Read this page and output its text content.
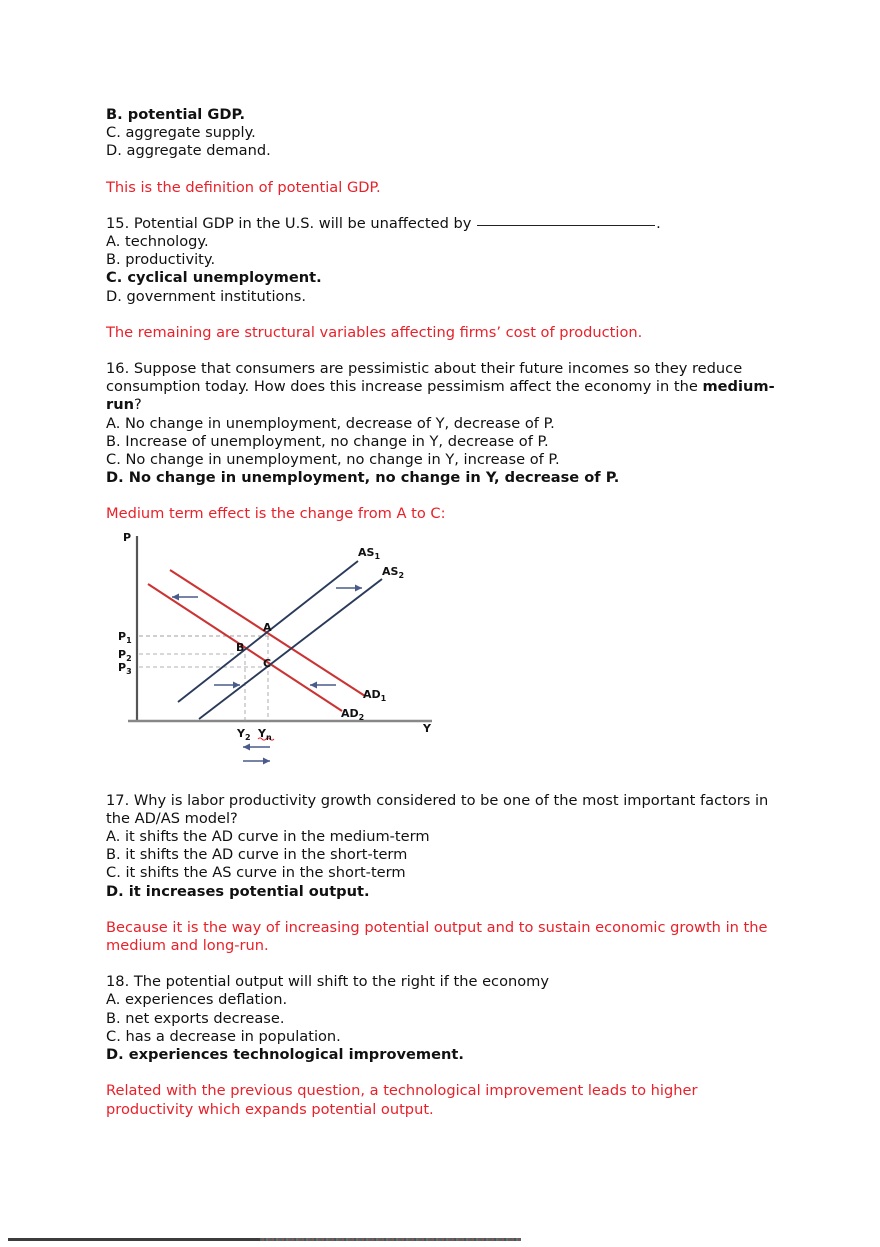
B. potential GDP.
C. aggregate supply.
D. aggregate demand.
This is the definition of potential GDP.
15. Potential GDP in the U.S. will be unaffected by	.
A. technology.
B. productivity.
C. cyclical unemployment.
D. government institutions.
The remaining are structural variables affecting firms’ cost of production.
16. Suppose that consumers are pessimistic about their future incomes so they reduce consumption today. How does this increase pessimism affect the economy in the medium-run?
A. No change in unemployment, decrease of Y, decrease of P.
B. Increase of unemployment, no change in Y, decrease of P.
C. No change in unemployment, no change in Y, increase of P.
D. No change in unemployment, no change in Y, decrease of P.
Medium term effect is the change from A to C:
P
Y
$AS_1$
$AS_2$
$AD_1$
$AD_2$
$P_1$
$P_2$
$P_3$
A
B
C
$Y_2$ $Y_n$
17. Why is labor productivity growth considered to be one of the most important factors in the AD/AS model?
A. it shifts the AD curve in the medium-term
B. it shifts the AD curve in the short-term
C. it shifts the AS curve in the short-term
D. it increases potential output.
Because it is the way of increasing potential output and to sustain economic growth in the medium and long-run.
18. The potential output will shift to the right if the economy
A. experiences deflation.
B. net exports decrease.
C. has a decrease in population.
D. experiences technological improvement.
Related with the previous question, a technological improvement leads to higher productivity which expands potential output.
